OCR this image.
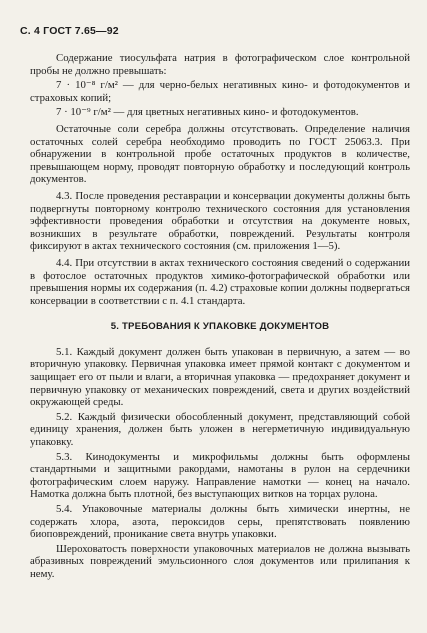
С. 4 ГОСТ 7.65—92

Содержание тиосульфата натрия в фотографическом слое контрольной пробы не должно превышать:

7 · 10⁻⁸ г/м² — для черно-белых негативных кино- и фотодокументов и страховых копий;

7 · 10⁻⁹ г/м² — для цветных негативных кино- и фотодокументов.

Остаточные соли серебра должны отсутствовать. Определение наличия остаточных солей серебра необходимо проводить по ГОСТ 25063.3. При обнаружении в контрольной пробе остаточных продуктов в количестве, превышающем норму, проводят повторную обработку и последующий контроль документов.

4.3. После проведения реставрации и консервации документы должны быть подвергнуты повторному контролю технического состояния для установления эффективности проведения обработки и отсутствия на документе новых, возникших в результате обработки, повреждений. Результаты контроля фиксируют в актах технического состояния (см. приложения 1—5).

4.4. При отсутствии в актах технического состояния сведений о содержании в фотослое остаточных продуктов химико-фотографической обработки или превышения нормы их содержания (п. 4.2) страховые копии должны подвергаться консервации в соответствии с п. 4.1 стандарта.

5. ТРЕБОВАНИЯ К УПАКОВКЕ ДОКУМЕНТОВ

5.1. Каждый документ должен быть упакован в первичную, а затем — во вторичную упаковку. Первичная упаковка имеет прямой контакт с документом и защищает его от пыли и влаги, а вторичная упаковка — предохраняет документ и первичную упаковку от механических повреждений, света и других воздействий окружающей среды.

5.2. Каждый физически обособленный документ, представляющий собой единицу хранения, должен быть уложен в негерметичную индивидуальную упаковку.

5.3. Кинодокументы и микрофильмы должны быть оформлены стандартными и защитными ракордами, намотаны в рулон на сердечники фотографическим слоем наружу. Направление намотки — конец на начало. Намотка должна быть плотной, без выступающих витков на торцах рулона.

5.4. Упаковочные материалы должны быть химически инертны, не содержать хлора, азота, пероксидов серы, препятствовать появлению биоповреждений, проникание света внутрь упаковки.

Шероховатость поверхности упаковочных материалов не должна вызывать абразивных повреждений эмульсионного слоя документов или прилипания к нему.
